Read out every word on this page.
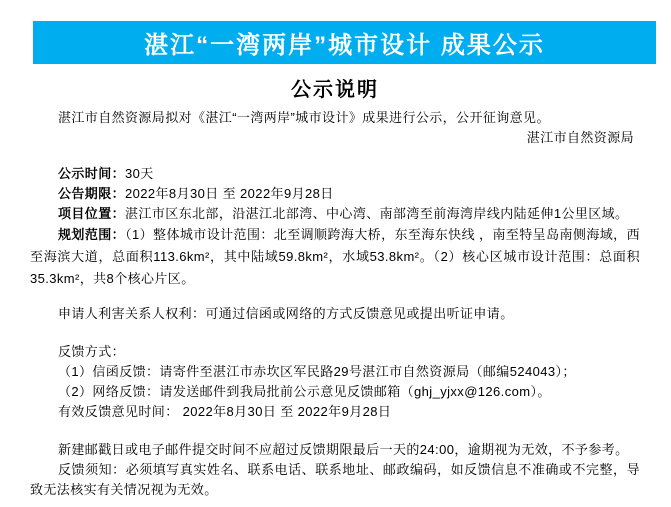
湛江“一湾两岸”城市设计 成果公示
公示说明

湛江市自然资源局拟对《湛江“一湾两岸”城市设计》成果进行公示，公开征询意见。

湛江市自然资源局

公示时间：30天

公告期限：2022年8月30日 至 2022年9月28日

项目位置：湛江市区东北部，沿湛江北部湾、中心湾、南部湾至前海湾岸线内陆延伸1公里区域。

规划范围：（1）整体城市设计范围：北至调顺跨海大桥，东至海东快线 ，南至特呈岛南侧海域，西至海滨大道，总面积113.6km²，其中陆域59.8km²，水域53.8km²。（2）核心区城市设计范围：总面积35.3km²，共8个核心片区。

申请人利害关系人权利：可通过信函或网络的方式反馈意见或提出听证申请。

反馈方式：

（1）信函反馈：请寄件至湛江市赤坎区军民路29号湛江市自然资源局（邮编524043）；

（2）网络反馈：请发送邮件到我局批前公示意见反馈邮箱（ghj_yjxx@126.com）。

有效反馈意见时间： 2022年8月30日 至 2022年9月28日

新建邮戳日或电子邮件提交时间不应超过反馈期限最后一天的24:00，逾期视为无效，不予参考。

反馈须知：必须填写真实姓名、联系电话、联系地址、邮政编码，如反馈信息不准确或不完整，导致无法核实有关情况视为无效。
